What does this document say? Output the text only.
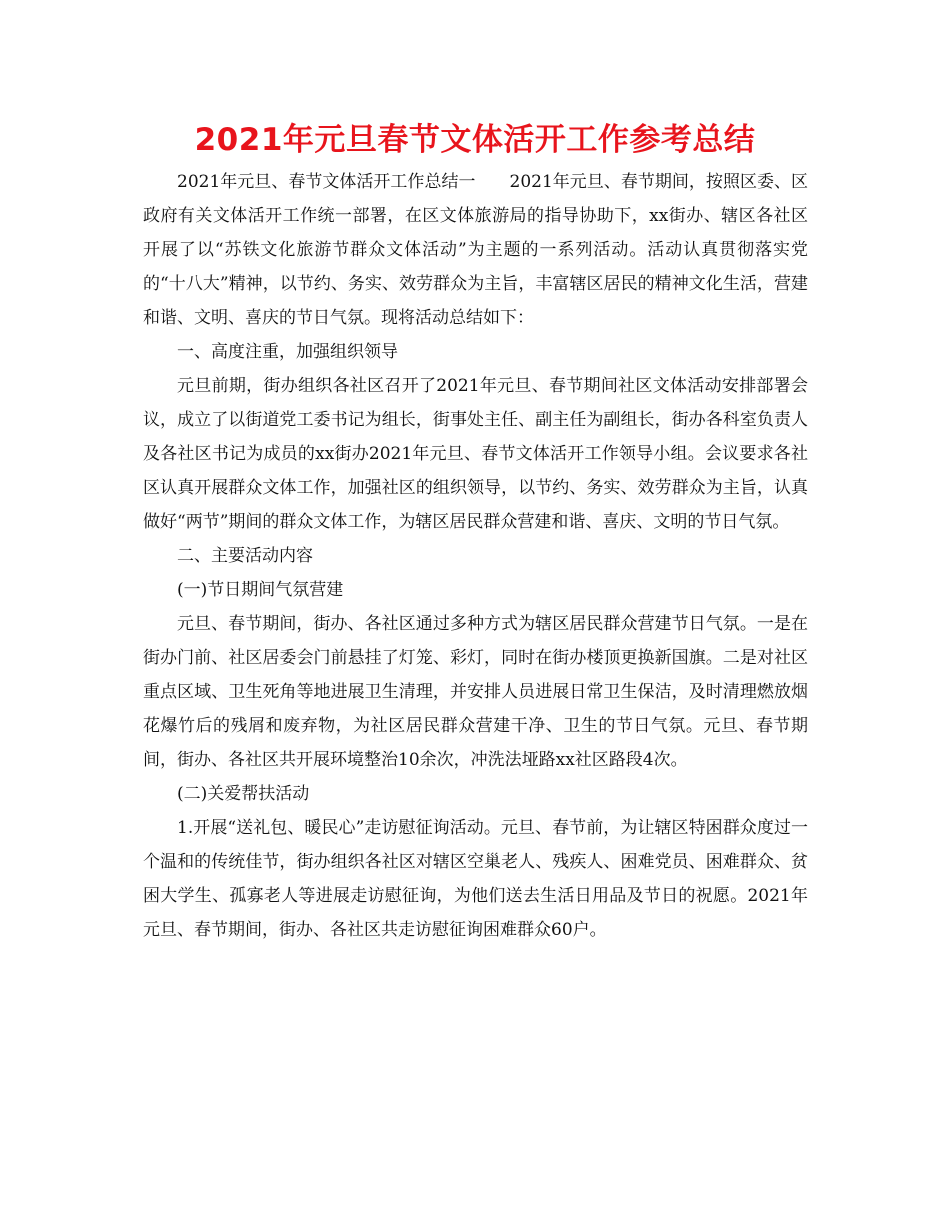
2021年元旦春节文体活开工作参考总结

2021年元旦、春节文体活开工作总结一　　2021年元旦、春节期间，按照区委、区政府有关文体活开工作统一部署，在区文体旅游局的指导协助下，xx街办、辖区各社区开展了以“苏铁文化旅游节群众文体活动”为主题的一系列活动。活动认真贯彻落实党的“十八大”精神，以节约、务实、效劳群众为主旨，丰富辖区居民的精神文化生活，营建和谐、文明、喜庆的节日气氛。现将活动总结如下：

一、高度注重，加强组织领导

元旦前期，街办组织各社区召开了2021年元旦、春节期间社区文体活动安排部署会议，成立了以街道党工委书记为组长，街事处主任、副主任为副组长，街办各科室负责人及各社区书记为成员的xx街办2021年元旦、春节文体活开工作领导小组。会议要求各社区认真开展群众文体工作，加强社区的组织领导，以节约、务实、效劳群众为主旨，认真做好“两节”期间的群众文体工作，为辖区居民群众营建和谐、喜庆、文明的节日气氛。

二、主要活动内容

(一)节日期间气氛营建

元旦、春节期间，街办、各社区通过多种方式为辖区居民群众营建节日气氛。一是在街办门前、社区居委会门前悬挂了灯笼、彩灯，同时在街办楼顶更换新国旗。二是对社区重点区域、卫生死角等地进展卫生清理，并安排人员进展日常卫生保洁，及时清理燃放烟花爆竹后的残屑和废弃物，为社区居民群众营建干净、卫生的节日气氛。元旦、春节期间，街办、各社区共开展环境整治10余次，冲洗法垭路xx社区路段4次。

(二)关爱帮扶活动

1.开展“送礼包、暖民心”走访慰征询活动。元旦、春节前，为让辖区特困群众度过一个温和的传统佳节，街办组织各社区对辖区空巢老人、残疾人、困难党员、困难群众、贫困大学生、孤寡老人等进展走访慰征询，为他们送去生活日用品及节日的祝愿。2021年元旦、春节期间，街办、各社区共走访慰征询困难群众60户。
